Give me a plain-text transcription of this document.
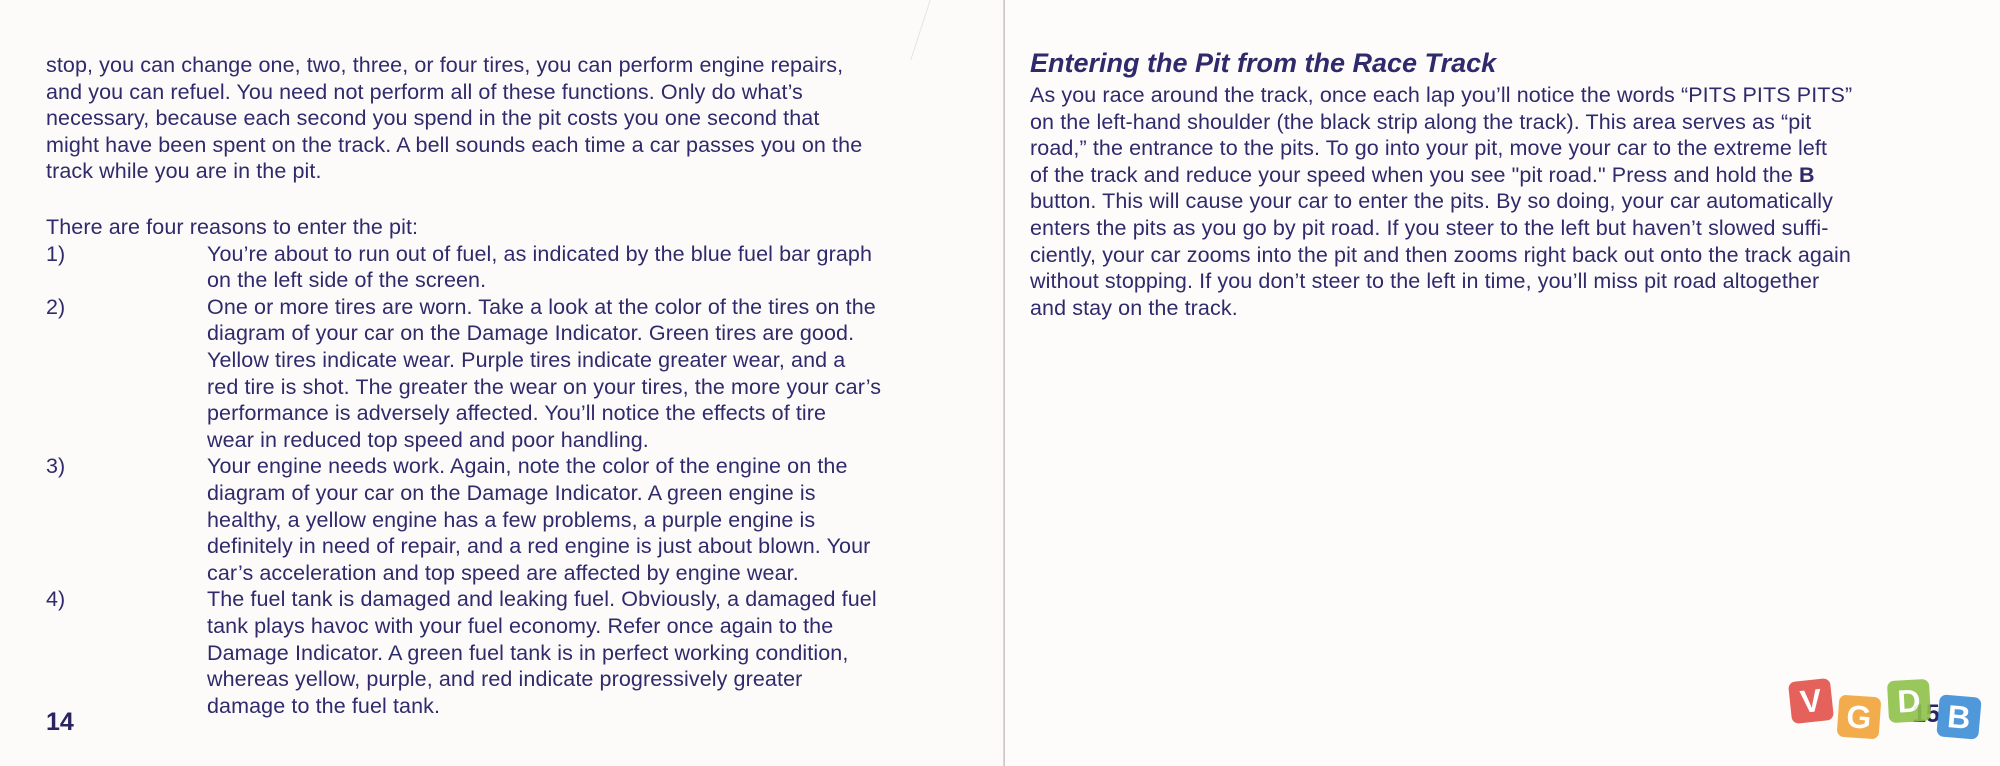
stop, you can change one, two, three, or four tires, you can perform engine repairs,
and you can refuel. You need not perform all of these functions. Only do what’s
necessary, because each second you spend in the pit costs you one second that
might have been spent on the track. A bell sounds each time a car passes you on the
track while you are in the pit.
There are four reasons to enter the pit:
1)	You’re about to run out of fuel, as indicated by the blue fuel bar graph
on the left side of the screen.
2)	One or more tires are worn. Take a look at the color of the tires on the
diagram of your car on the Damage Indicator. Green tires are good.
Yellow tires indicate wear. Purple tires indicate greater wear, and a
red tire is shot. The greater the wear on your tires, the more your car’s
performance is adversely affected. You’ll notice the effects of tire
wear in reduced top speed and poor handling.
3)	Your engine needs work. Again, note the color of the engine on the
diagram of your car on the Damage Indicator. A green engine is
healthy, a yellow engine has a few problems, a purple engine is
definitely in need of repair, and a red engine is just about blown. Your
car’s acceleration and top speed are affected by engine wear.
4)	The fuel tank is damaged and leaking fuel. Obviously, a damaged fuel
tank plays havoc with your fuel economy. Refer once again to the
Damage Indicator. A green fuel tank is in perfect working condition,
whereas yellow, purple, and red indicate progressively greater
damage to the fuel tank.
14
Entering the Pit from the Race Track
As you race around the track, once each lap you’ll notice the words “PITS PITS PITS”
on the left-hand shoulder (the black strip along the track). This area serves as “pit
road,” the entrance to the pits. To go into your pit, move your car to the extreme left
of the track and reduce your speed when you see "pit road." Press and hold the B
button. This will cause your car to enter the pits. By so doing, your car automatically
enters the pits as you go by pit road. If you steer to the left but haven’t slowed suffi-
ciently, your car zooms into the pit and then zooms right back out onto the track again
without stopping. If you don’t steer to the left in time, you’ll miss pit road altogether
and stay on the track.
V G D B
